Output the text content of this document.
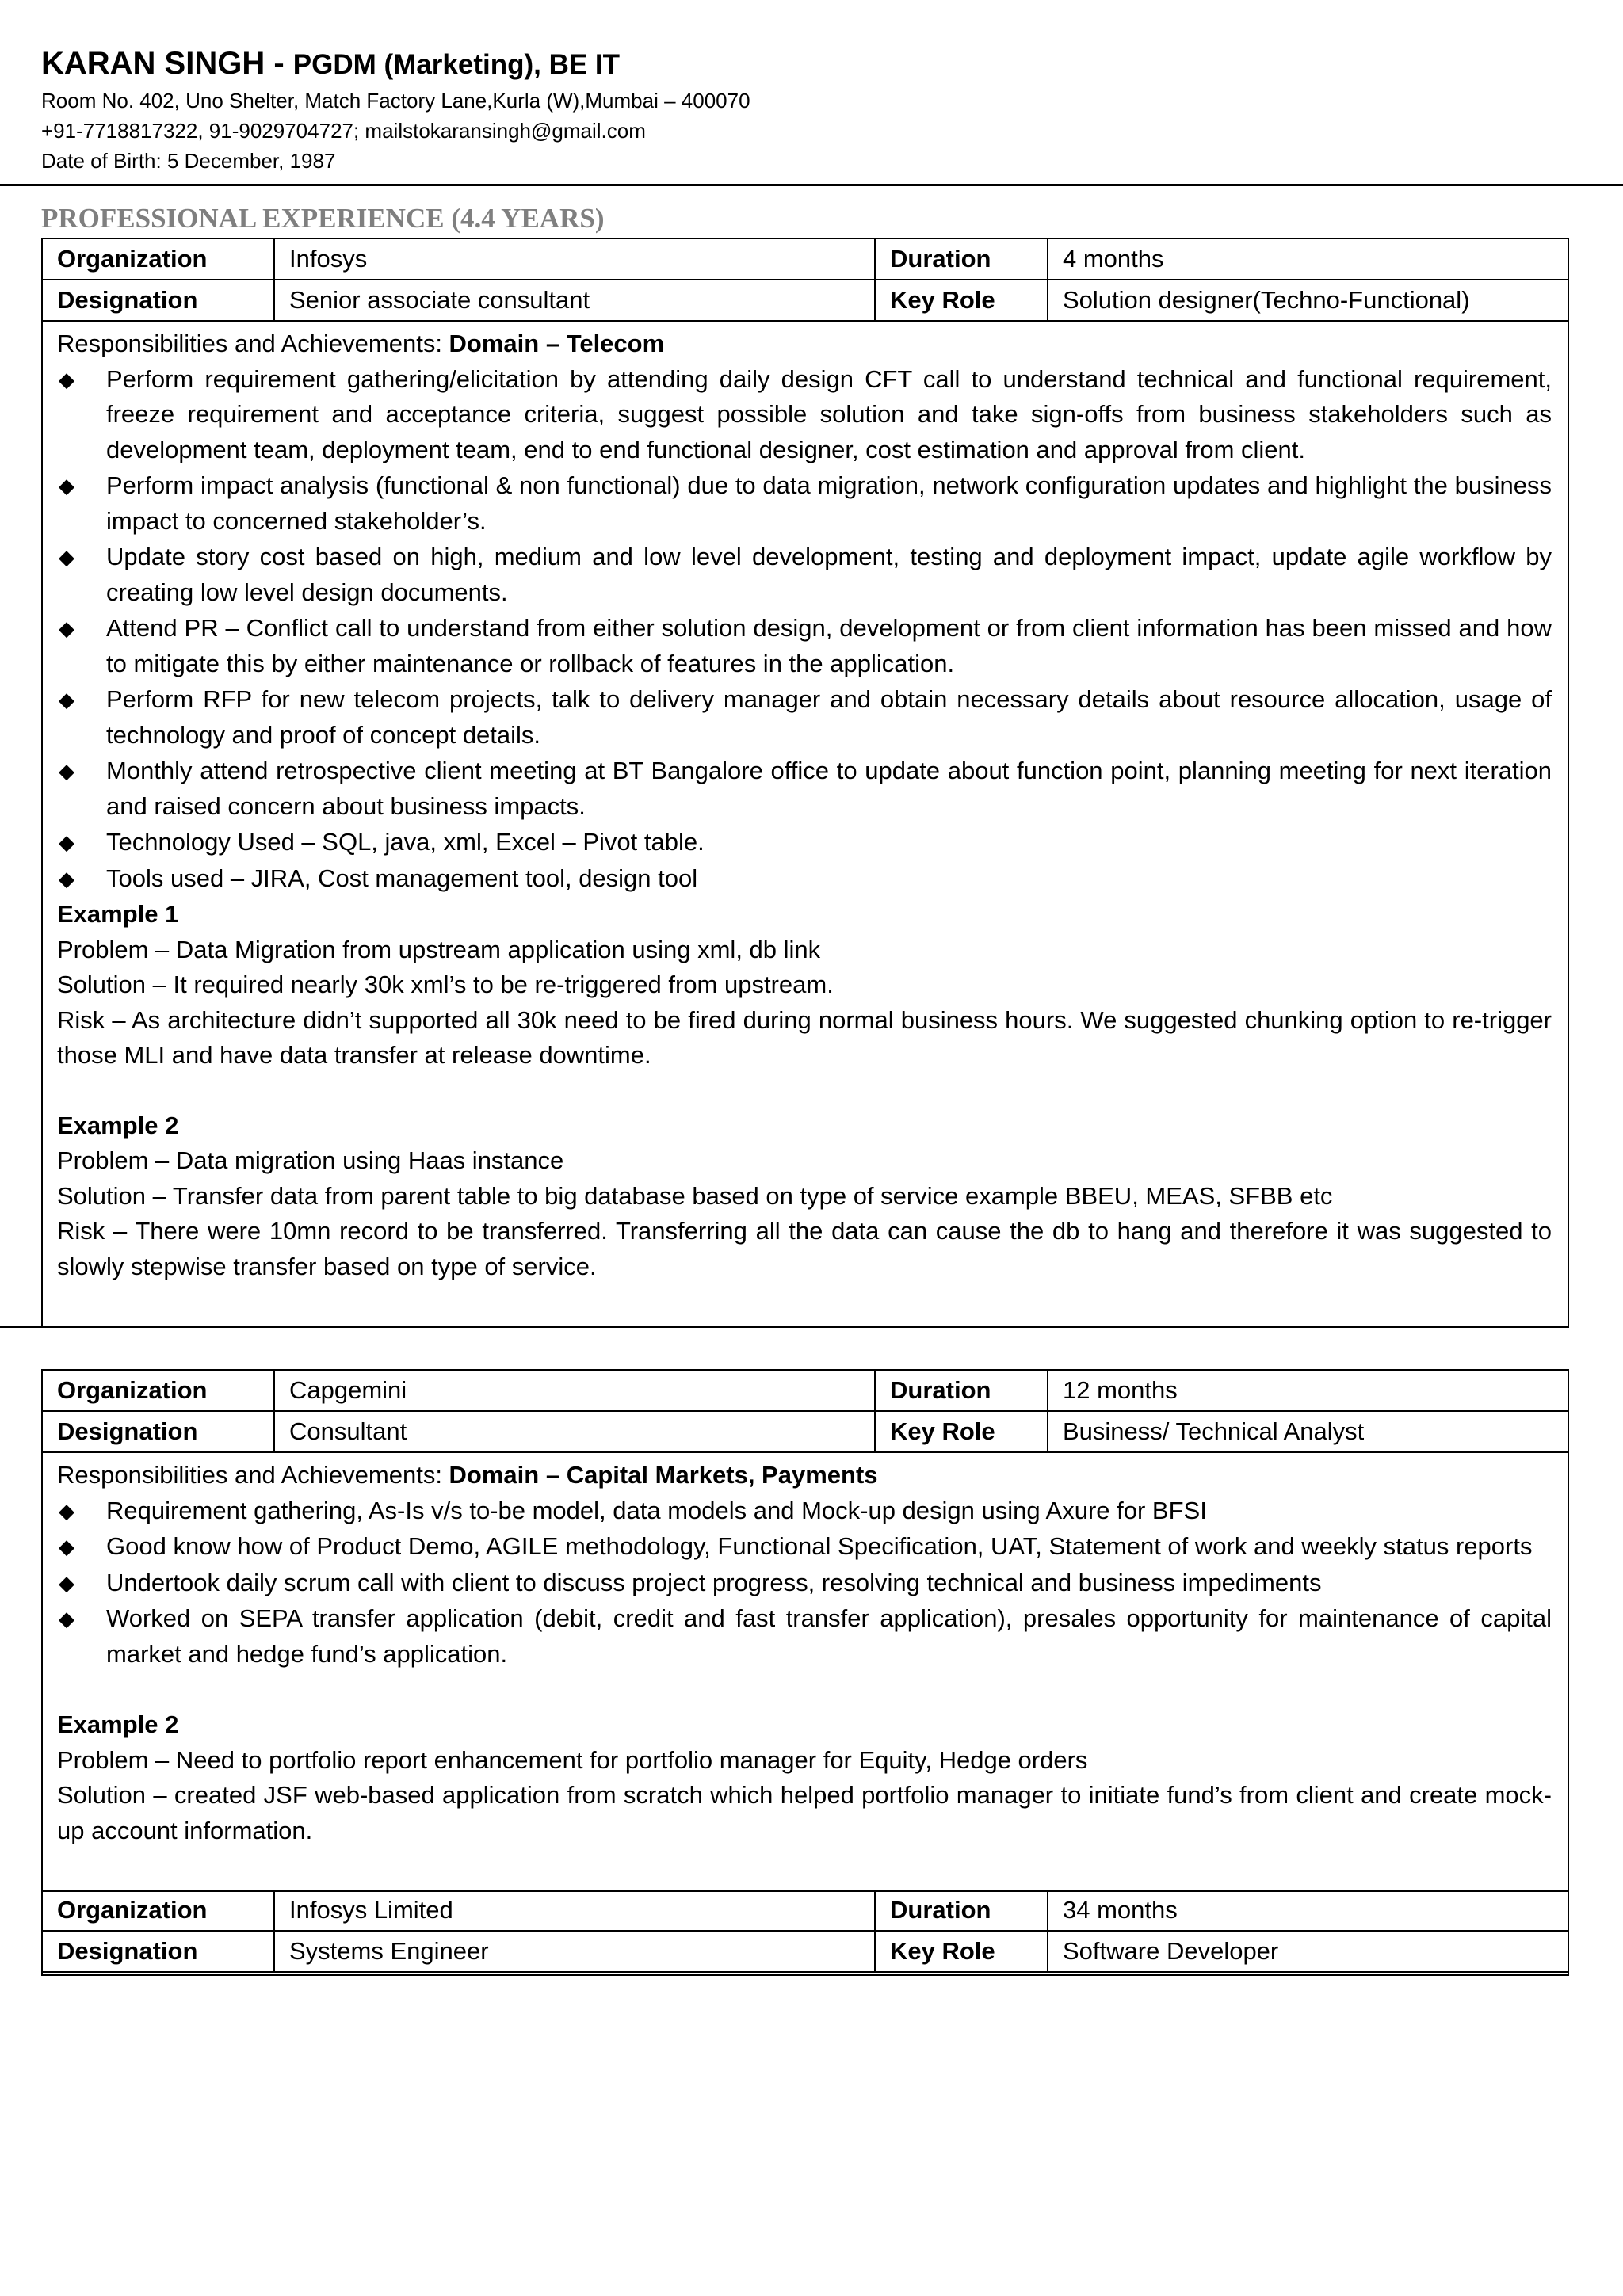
KARAN SINGH - PGDM (Marketing), BE IT

Room No. 402, Uno Shelter, Match Factory Lane,Kurla (W),Mumbai – 400070

+91-7718817322, 91-9029704727; mailstokaransingh@gmail.com

Date of Birth: 5 December, 1987

PROFESSIONAL EXPERIENCE (4.4 YEARS)
Organization	Infosys	Duration	4 months
Designation	Senior associate consultant	Key Role	Solution designer(Techno-Functional)

Responsibilities and Achievements: Domain – Telecom

◆ Perform requirement gathering/elicitation by attending daily design CFT call to understand technical and functional requirement, freeze requirement and acceptance criteria, suggest possible solution and take sign-offs from business stakeholders such as development team, deployment team, end to end functional designer, cost estimation and approval from client.
◆ Perform impact analysis (functional & non functional) due to data migration, network configuration updates and highlight the business impact to concerned stakeholder’s.
◆ Update story cost based on high, medium and low level development, testing and deployment impact, update agile workflow by creating low level design documents.
◆ Attend PR – Conflict call to understand from either solution design, development or from client information has been missed and how to mitigate this by either maintenance or rollback of features in the application.
◆ Perform RFP for new telecom projects, talk to delivery manager and obtain necessary details about resource allocation, usage of technology and proof of concept details.
◆ Monthly attend retrospective client meeting at BT Bangalore office to update about function point, planning meeting for next iteration and raised concern about business impacts.
◆ Technology Used – SQL, java, xml, Excel – Pivot table.
◆ Tools used – JIRA, Cost management tool, design tool

Example 1

Problem – Data Migration from upstream application using xml, db link

Solution – It required nearly 30k xml’s to be re-triggered from upstream.

Risk – As architecture didn’t supported all 30k need to be fired during normal business hours. We suggested chunking option to re-trigger those MLI and have data transfer at release downtime.

Example 2

Problem – Data migration using Haas instance

Solution – Transfer data from parent table to big database based on type of service example BBEU, MEAS, SFBB etc

Risk – There were 10mn record to be transferred. Transferring all the data can cause the db to hang and therefore it was suggested to slowly stepwise transfer based on type of service.

Organization	Capgemini	Duration	12 months
Designation	Consultant	Key Role	Business/ Technical Analyst

Responsibilities and Achievements: Domain – Capital Markets, Payments

◆ Requirement gathering, As-Is v/s to-be model, data models and Mock-up design using Axure for BFSI
◆ Good know how of Product Demo, AGILE methodology, Functional Specification, UAT, Statement of work and weekly status reports
◆ Undertook daily scrum call with client to discuss project progress, resolving technical and business impediments
◆ Worked on SEPA transfer application (debit, credit and fast transfer application), presales opportunity for maintenance of capital market and hedge fund’s application.

Example 2

Problem – Need to portfolio report enhancement for portfolio manager for Equity, Hedge orders

Solution – created JSF web-based application from scratch which helped portfolio manager to initiate fund’s from client and create mock-up account information.

Organization	Infosys Limited	Duration	34 months
Designation	Systems Engineer	Key Role	Software Developer
